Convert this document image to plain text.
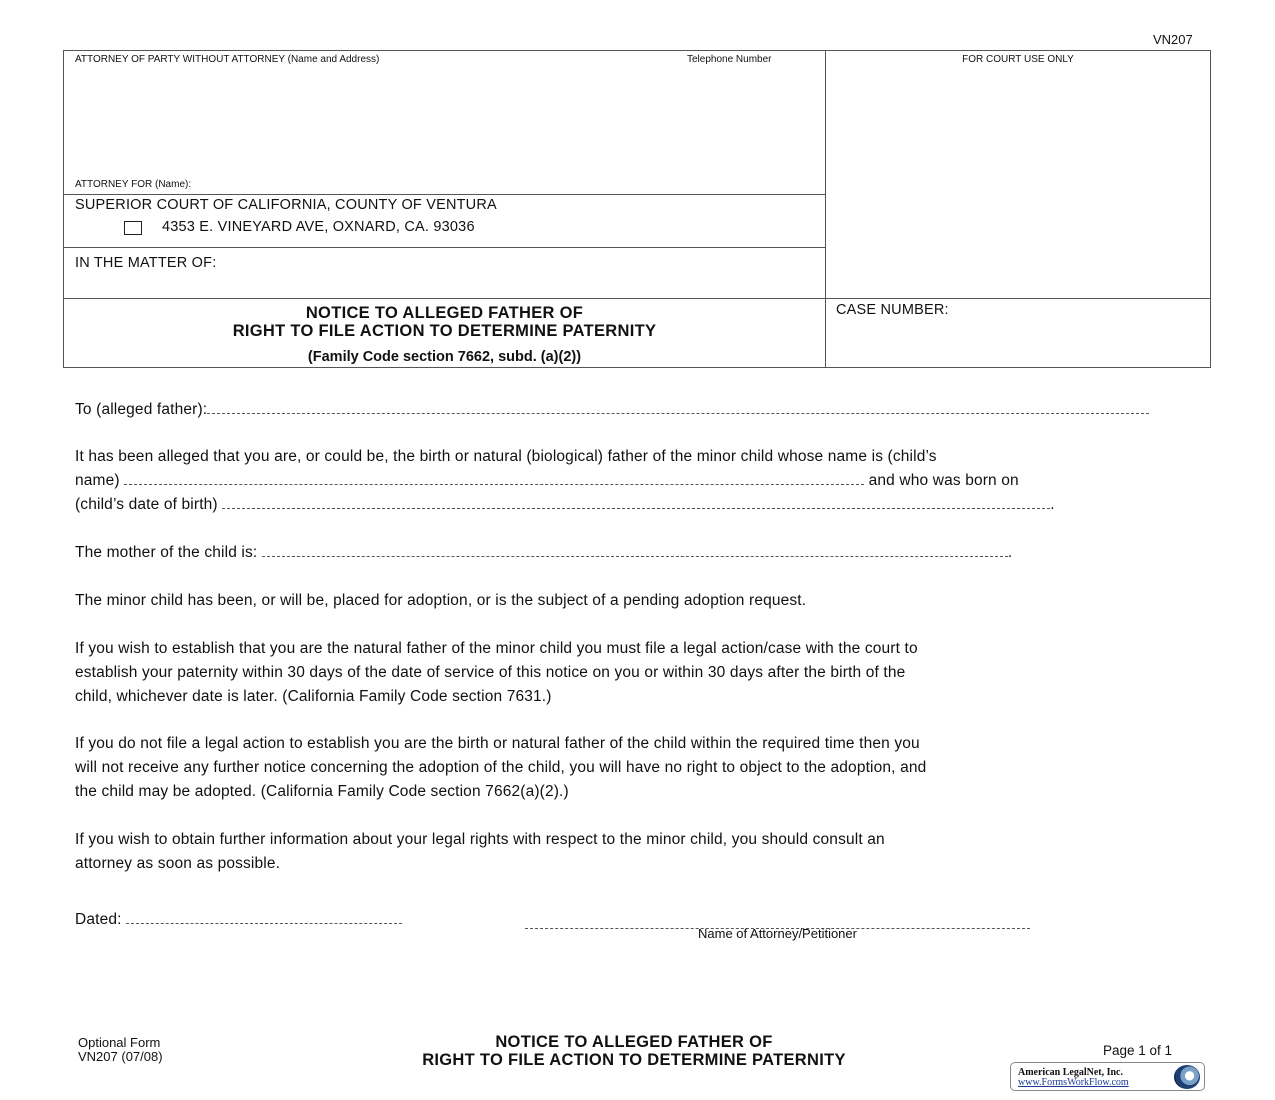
VN207
ATTORNEY OF PARTY WITHOUT ATTORNEY (Name and Address)	Telephone Number
ATTORNEY FOR (Name):
FOR COURT USE ONLY
SUPERIOR COURT OF CALIFORNIA, COUNTY OF VENTURA
4353 E. VINEYARD AVE, OXNARD, CA. 93036
IN THE MATTER OF:
NOTICE TO ALLEGED FATHER OF
RIGHT TO FILE ACTION TO DETERMINE PATERNITY
(Family Code section 7662, subd. (a)(2))
CASE NUMBER:
To (alleged father):

It has been alleged that you are, or could be, the birth or natural (biological) father of the minor child whose name is (child’s

name)	and who was born on

(child’s date of birth)	.

The mother of the child is:	.
The minor child has been, or will be, placed for adoption, or is the subject of a pending adoption request.

If you wish to establish that you are the natural father of the minor child you must file a legal action/case with the court to

establish your paternity within 30 days of the date of service of this notice on you or within 30 days after the birth of the

child, whichever date is later. (California Family Code section 7631.)

If you do not file a legal action to establish you are the birth or natural father of the child within the required time then you

will not receive any further notice concerning the adoption of the child, you will have no right to object to the adoption, and

the child may be adopted. (California Family Code section 7662(a)(2).)

If you wish to obtain further information about your legal rights with respect to the minor child, you should consult an

attorney as soon as possible.

Dated:
Name of Attorney/Petitioner
Optional Form
VN207 (07/08)
NOTICE TO ALLEGED FATHER OF
RIGHT TO FILE ACTION TO DETERMINE PATERNITY
Page 1 of 1
American LegalNet, Inc.
www.FormsWorkFlow.com
